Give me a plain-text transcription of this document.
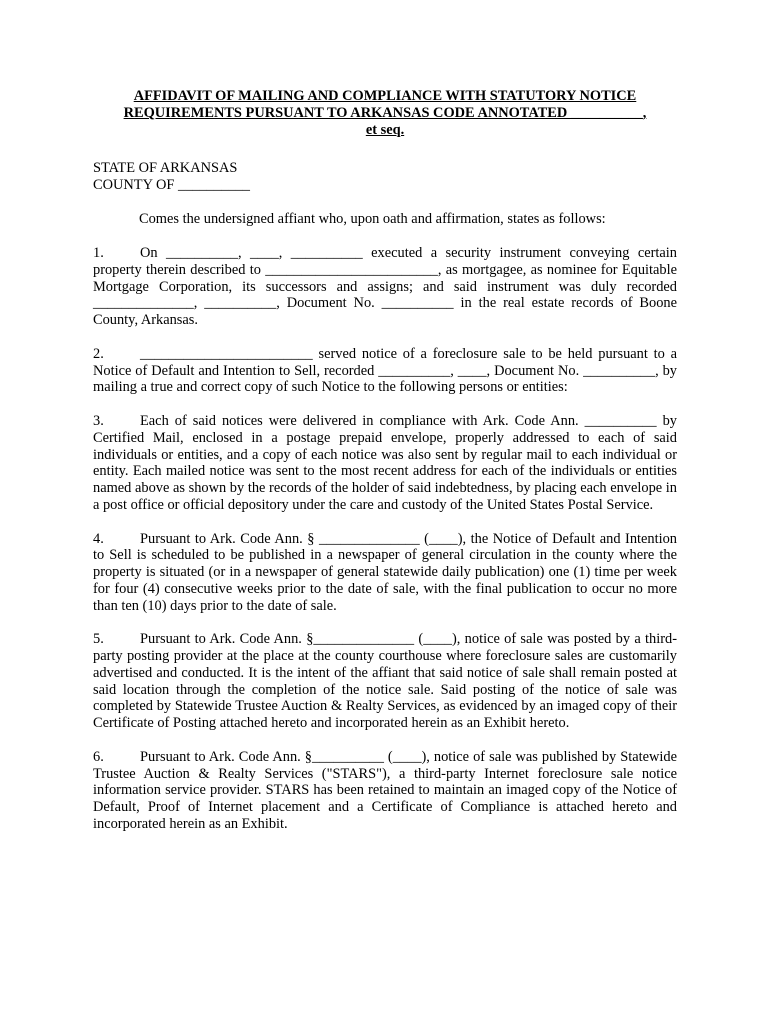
AFFIDAVIT OF MAILING AND COMPLIANCE WITH STATUTORY NOTICE
REQUIREMENTS PURSUANT TO ARKANSAS CODE ANNOTATED __________,
et seq.
STATE OF ARKANSAS
COUNTY OF __________
Comes the undersigned affiant who, upon oath and affirmation, states as follows:
1.	On __________, ____, __________ executed a security instrument conveying certain property therein described to ________________________, as mortgagee, as nominee for Equitable Mortgage Corporation, its successors and assigns; and said instrument was duly recorded ______________, __________, Document No. __________ in the real estate records of Boone County, Arkansas.
2.	________________________ served notice of a foreclosure sale to be held pursuant to a Notice of Default and Intention to Sell, recorded __________, ____, Document No. __________, by mailing a true and correct copy of such Notice to the following persons or entities:
3.	Each of said notices were delivered in compliance with Ark. Code Ann. __________ by Certified Mail, enclosed in a postage prepaid envelope, properly addressed to each of said individuals or entities, and a copy of each notice was also sent by regular mail to each individual or entity. Each mailed notice was sent to the most recent address for each of the individuals or entities named above as shown by the records of the holder of said indebtedness, by placing each envelope in a post office or official depository under the care and custody of the United States Postal Service.
4.	Pursuant to Ark. Code Ann. § ______________ (____), the Notice of Default and Intention to Sell is scheduled to be published in a newspaper of general circulation in the county where the property is situated (or in a newspaper of general statewide daily publication) one (1) time per week for four (4) consecutive weeks prior to the date of sale, with the final publication to occur no more than ten (10) days prior to the date of sale.
5.	Pursuant to Ark. Code Ann. §______________ (____), notice of sale was posted by a third-party posting provider at the place at the county courthouse where foreclosure sales are customarily advertised and conducted. It is the intent of the affiant that said notice of sale shall remain posted at said location through the completion of the notice sale. Said posting of the notice of sale was completed by Statewide Trustee Auction & Realty Services, as evidenced by an imaged copy of their Certificate of Posting attached hereto and incorporated herein as an Exhibit hereto.
6.	Pursuant to Ark. Code Ann. §__________ (____), notice of sale was published by Statewide Trustee Auction & Realty Services ("STARS"), a third-party Internet foreclosure sale notice information service provider. STARS has been retained to maintain an imaged copy of the Notice of Default, Proof of Internet placement and a Certificate of Compliance is attached hereto and incorporated herein as an Exhibit.
